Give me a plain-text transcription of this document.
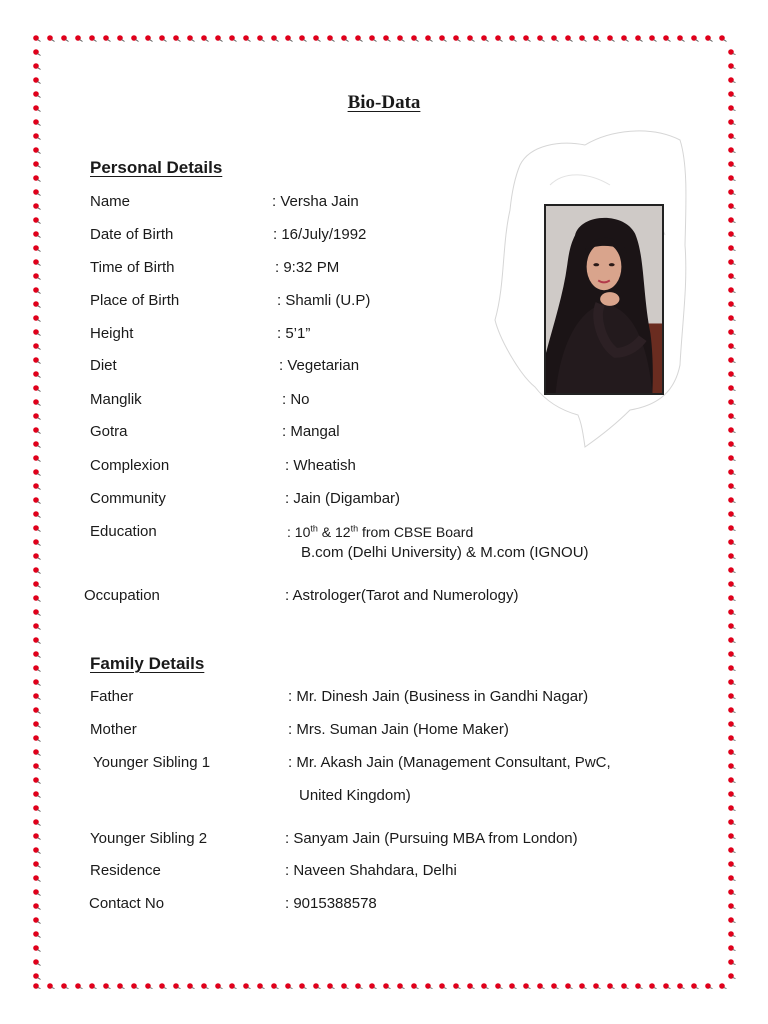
Bio-Data
Personal Details
Name	: Versha Jain
Date of Birth	: 16/July/1992
Time of Birth	: 9:32 PM
Place of Birth	: Shamli (U.P)
Height	: 5’1”
Diet	: Vegetarian
Manglik	: No
Gotra	: Mangal
Complexion	: Wheatish
Community	: Jain (Digambar)
Education	: 10th & 12th from CBSE Board
B.com (Delhi University) & M.com (IGNOU)
Occupation	: Astrologer(Tarot and Numerology)
Family Details
Father	: Mr. Dinesh Jain (Business in Gandhi Nagar)
Mother	: Mrs. Suman Jain (Home Maker)
Younger Sibling 1	: Mr. Akash Jain (Management Consultant, PwC,
United Kingdom)
Younger Sibling 2	: Sanyam Jain (Pursuing MBA from London)
Residence	: Naveen Shahdara, Delhi
Contact No	: 9015388578
